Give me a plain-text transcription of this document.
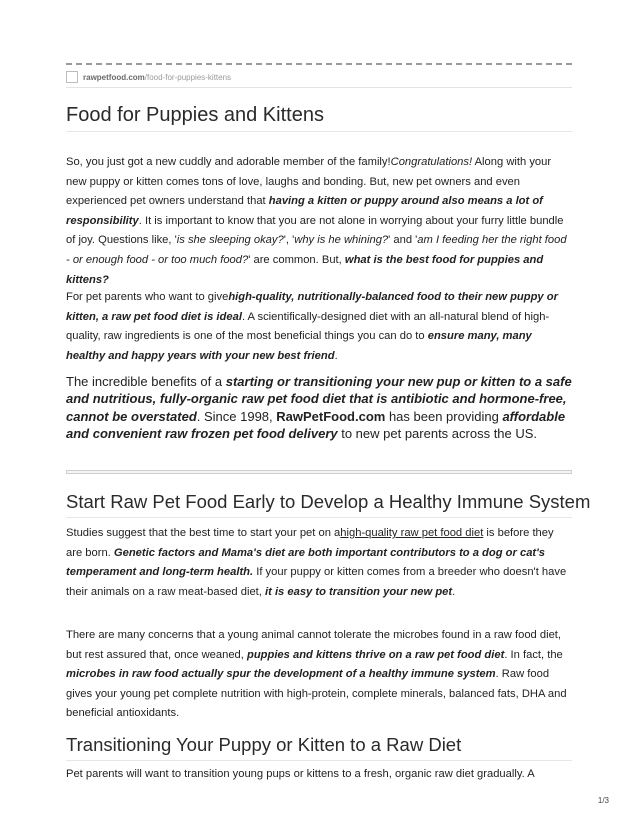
rawpetfood.com/food-for-puppies-kittens
Food for Puppies and Kittens

So, you just got a new cuddly and adorable member of the family!Congratulations! Along with your new puppy or kitten comes tons of love, laughs and bonding. But, new pet owners and even experienced pet owners understand that having a kitten or puppy around also means a lot of responsibility. It is important to know that you are not alone in worrying about your furry little bundle of joy. Questions like, 'is she sleeping okay?', 'why is he whining?' and 'am I feeding her the right food - or enough food - or too much food?' are common. But, what is the best food for puppies and kittens?

For pet parents who want to givehigh-quality, nutritionally-balanced food to their new puppy or kitten, a raw pet food diet is ideal. A scientifically-designed diet with an all-natural blend of high-quality, raw ingredients is one of the most beneficial things you can do to ensure many, many healthy and happy years with your new best friend.

The incredible benefits of a starting or transitioning your new pup or kitten to a safe and nutritious, fully-organic raw pet food diet that is antibiotic and hormone-free, cannot be overstated. Since 1998, RawPetFood.com has been providing affordable and convenient raw frozen pet food delivery to new pet parents across the US.

Start Raw Pet Food Early to Develop a Healthy Immune System

Studies suggest that the best time to start your pet on ahigh-quality raw pet food diet is before they are born. Genetic factors and Mama's diet are both important contributors to a dog or cat's temperament and long-term health. If your puppy or kitten comes from a breeder who doesn't have their animals on a raw meat-based diet, it is easy to transition your new pet.

There are many concerns that a young animal cannot tolerate the microbes found in a raw food diet, but rest assured that, once weaned, puppies and kittens thrive on a raw pet food diet. In fact, the microbes in raw food actually spur the development of a healthy immune system. Raw food gives your young pet complete nutrition with high-protein, complete minerals, balanced fats, DHA and beneficial antioxidants.

Transitioning Your Puppy or Kitten to a Raw Diet

Pet parents will want to transition young pups or kittens to a fresh, organic raw diet gradually. A

1/3
